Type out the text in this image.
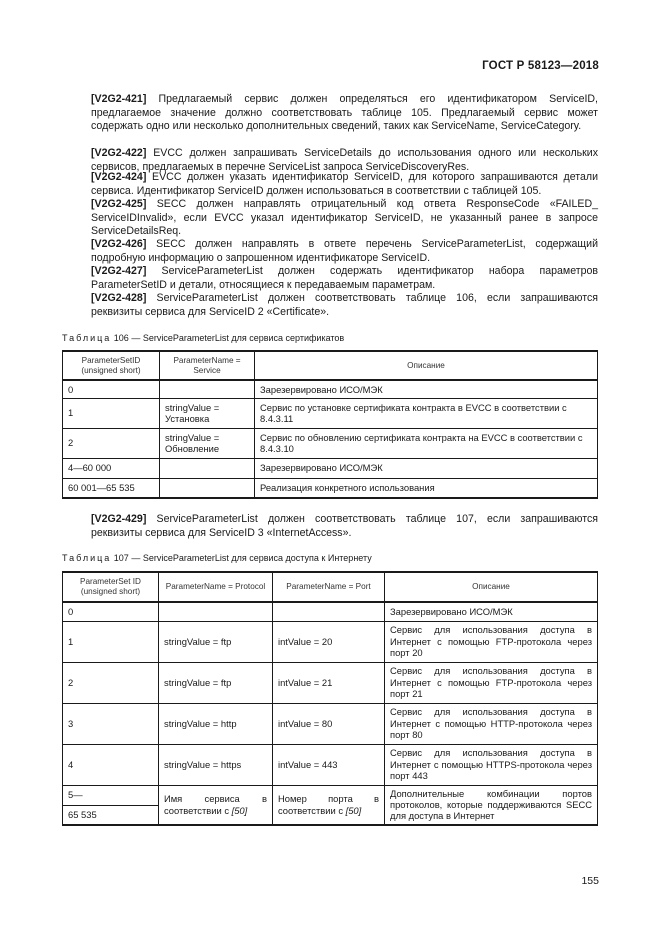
ГОСТ Р 58123—2018
[V2G2-421] Предлагаемый сервис должен определяться его идентификатором ServiceID, предлагаемое значение должно соответствовать таблице 105. Предлагаемый сервис может содержать одно или несколько дополнительных сведений, таких как ServiceName, ServiceCategory.
[V2G2-422] EVCC должен запрашивать ServiceDetails до использования одного или нескольких сервисов, предлагаемых в перечне ServiceList запроса ServiceDiscoveryRes.
[V2G2-424] EVCC должен указать идентификатор ServiceID, для которого запрашиваются детали сервиса. Идентификатор ServiceID должен использоваться в соответствии с таблицей 105.
[V2G2-425] SECC должен направлять отрицательный код ответа ResponseCode «FAILED_ ServiceIDInvalid», если EVCC указал идентификатор ServiceID, не указанный ранее в запросе ServiceDetailsReq.
[V2G2-426] SECC должен направлять в ответе перечень ServiceParameterList, содержащий подробную информацию о запрошенном идентификаторе ServiceID.
[V2G2-427] ServiceParameterList должен содержать идентификатор набора параметров ParameterSetID и детали, относящиеся к передаваемым параметрам.
[V2G2-428] ServiceParameterList должен соответствовать таблице 106, если запрашиваются реквизиты сервиса для ServiceID 2 «Certificate».
Таблица 106 — ServiceParameterList для сервиса сертификатов
ParameterSetID (unsigned short)	ParameterName = Service	Описание
0		Зарезервировано ИСО/МЭК
1	stringValue = Установка	Сервис по установке сертификата контракта в EVCC в соответствии с 8.4.3.11
2	stringValue = Обновление	Сервис по обновлению сертификата контракта на EVCC в соответствии с 8.4.3.10
4—60 000		Зарезервировано ИСО/МЭК
60 001—65 535		Реализация конкретного использования
[V2G2-429] ServiceParameterList должен соответствовать таблице 107, если запрашиваются реквизиты сервиса для ServiceID 3 «InternetAccess».
Таблица 107 — ServiceParameterList для сервиса доступа к Интернету
ParameterSet ID (unsigned short)	ParameterName = Protocol	ParameterName = Port	Описание
0			Зарезервировано ИСО/МЭК
1	stringValue = ftp	intValue = 20	Сервис для использования доступа в Интернет с помощью FTP-протокола через порт 20
2	stringValue = ftp	intValue = 21	Сервис для использования доступа в Интернет с помощью FTP-протокола через порт 21
3	stringValue = http	intValue = 80	Сервис для использования доступа в Интернет с помощью HTTP-протокола через порт 80
4	stringValue = https	intValue = 443	Сервис для использования доступа в Интернет с помощью HTTPS-протокола через порт 443
5—	Имя сервиса в соответствии с [50]	Номер порта в соответствии с [50]	Дополнительные комбинации портов протоколов, которые поддерживаются SECC для доступа в Интернет
65 535			
155
